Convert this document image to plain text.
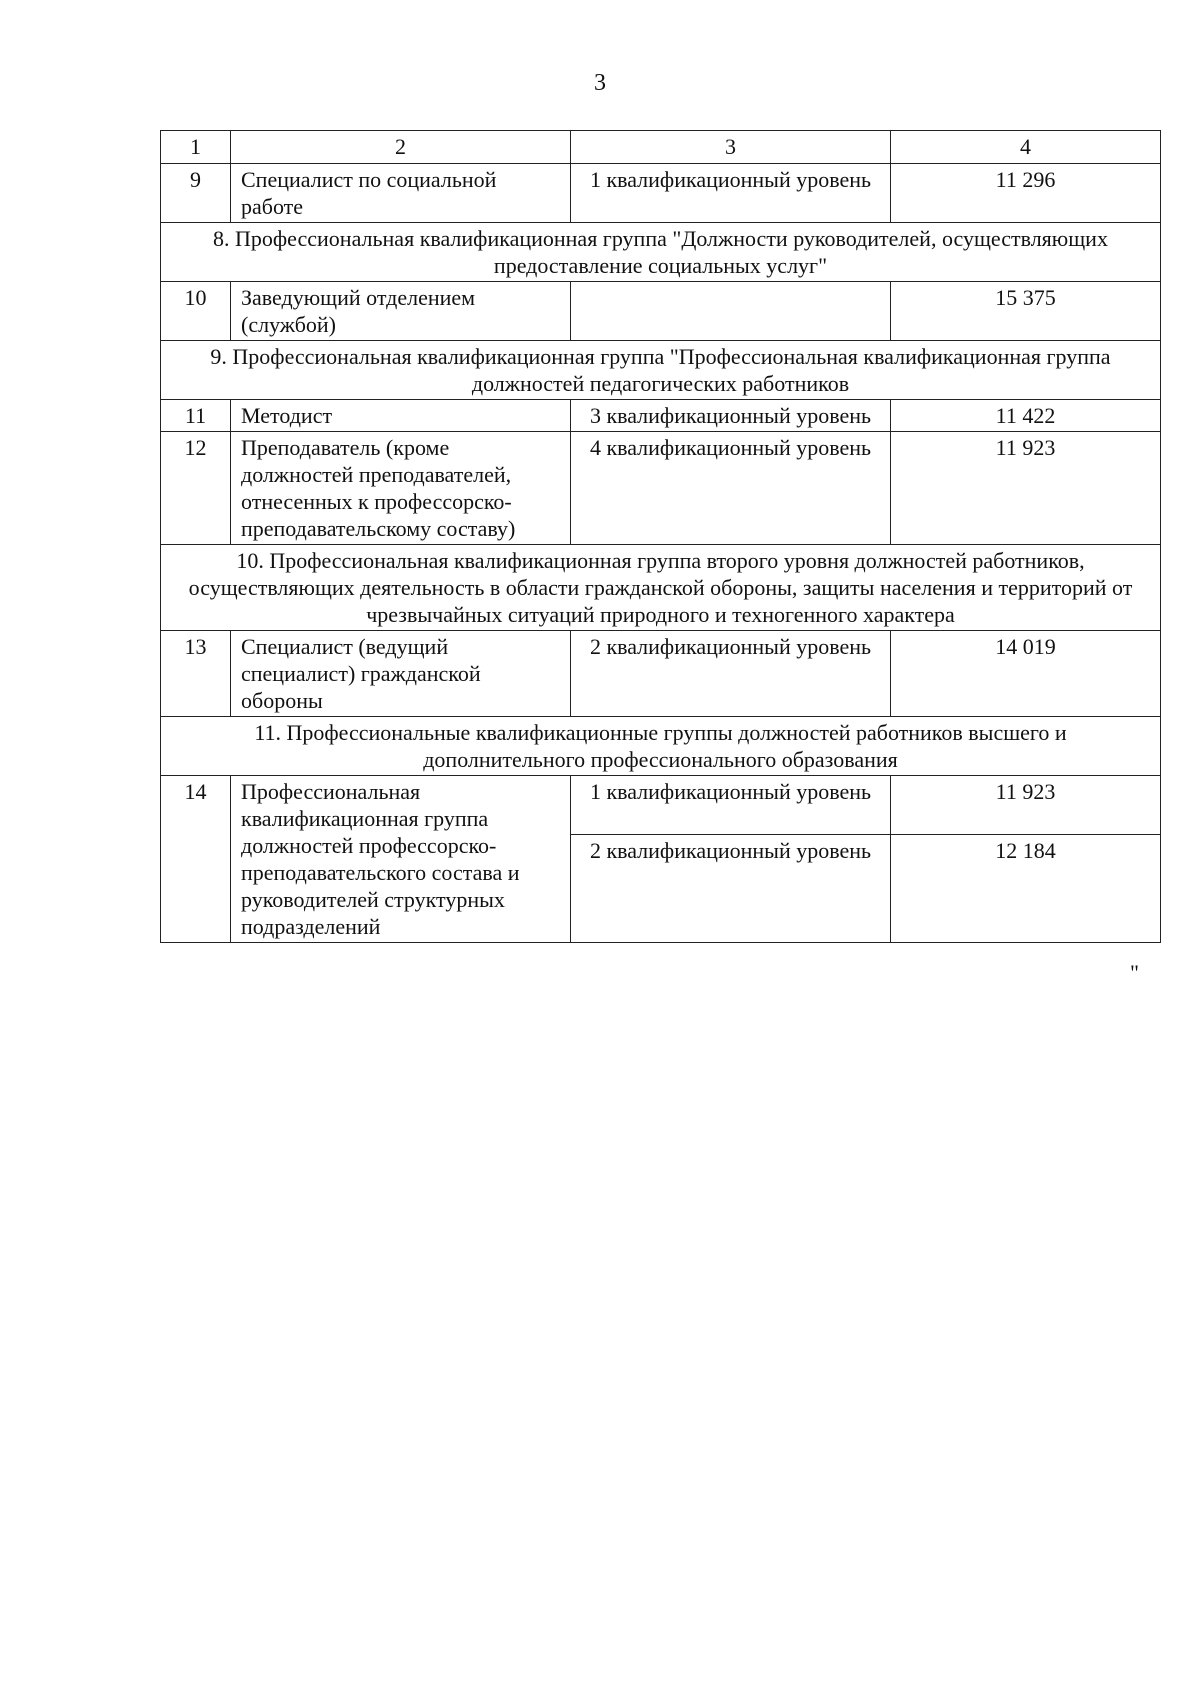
3
1	2	3	4
9	Специалист по социальной работе	1 квалификационный уровень	11 296
8. Профессиональная квалификационная группа "Должности руководителей, осуществляющих предоставление социальных услуг"			
10	Заведующий отделением (службой)		15 375
9. Профессиональная квалификационная группа "Профессиональная квалификационная группа должностей педагогических работников			
11	Методист	3 квалификационный уровень	11 422
12	Преподаватель (кроме должностей преподавателей, отнесенных к профессорско-преподавательскому составу)	4 квалификационный уровень	11 923
10. Профессиональная квалификационная группа второго уровня должностей работников, осуществляющих деятельность в области гражданской обороны, защиты населения и территорий от чрезвычайных ситуаций природного и техногенного характера			
13	Специалист (ведущий специалист) гражданской обороны	2 квалификационный уровень	14 019
11. Профессиональные квалификационные группы должностей работников высшего и дополнительного профессионального образования			
14	Профессиональная квалификационная группа должностей профессорско-преподавательского состава и руководителей структурных подразделений	1 квалификационный уровень	11 923
		2 квалификационный уровень	12 184
"
